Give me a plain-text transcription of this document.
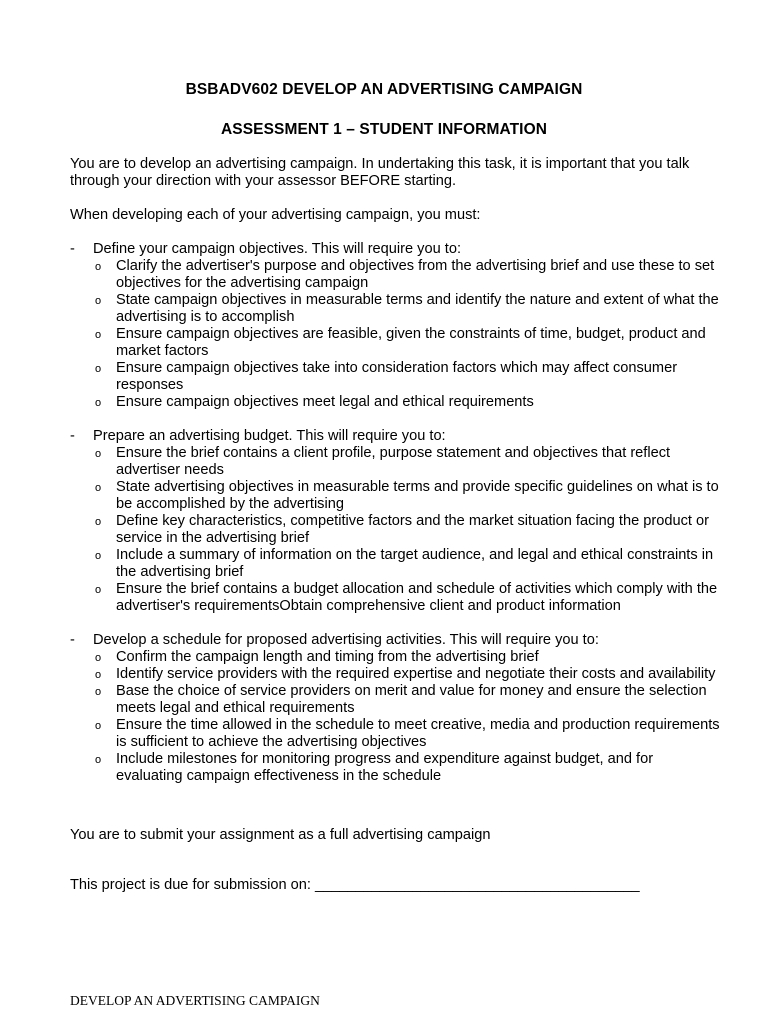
BSBADV602 DEVELOP AN ADVERTISING CAMPAIGN
ASSESSMENT 1 – STUDENT INFORMATION

You are to develop an advertising campaign. In undertaking this task, it is important that you talk through your direction with your assessor BEFORE starting.

When developing each of your advertising campaign, you must:

- Define your campaign objectives. This will require you to:
o Clarify the advertiser's purpose and objectives from the advertising brief and use these to set objectives for the advertising campaign
o State campaign objectives in measurable terms and identify the nature and extent of what the advertising is to accomplish
o Ensure campaign objectives are feasible, given the constraints of time, budget, product and market factors
o Ensure campaign objectives take into consideration factors which may affect consumer responses
o Ensure campaign objectives meet legal and ethical requirements
- Prepare an advertising budget. This will require you to:
o Ensure the brief contains a client profile, purpose statement and objectives that reflect advertiser needs
o State advertising objectives in measurable terms and provide specific guidelines on what is to be accomplished by the advertising
o Define key characteristics, competitive factors and the market situation facing the product or service in the advertising brief
o Include a summary of information on the target audience, and legal and ethical constraints in the advertising brief
o Ensure the brief contains a budget allocation and schedule of activities which comply with the advertiser's requirementsObtain comprehensive client and product information
- Develop a schedule for proposed advertising activities. This will require you to:
o Confirm the campaign length and timing from the advertising brief
o Identify service providers with the required expertise and negotiate their costs and availability
o Base the choice of service providers on merit and value for money and ensure the selection meets legal and ethical requirements
o Ensure the time allowed in the schedule to meet creative, media and production requirements is sufficient to achieve the advertising objectives
o Include milestones for monitoring progress and expenditure against budget, and for evaluating campaign effectiveness in the schedule
You are to submit your assignment as a full advertising campaign
This project is due for submission on: ________________________________________
DEVELOP AN ADVERTISING CAMPAIGN
